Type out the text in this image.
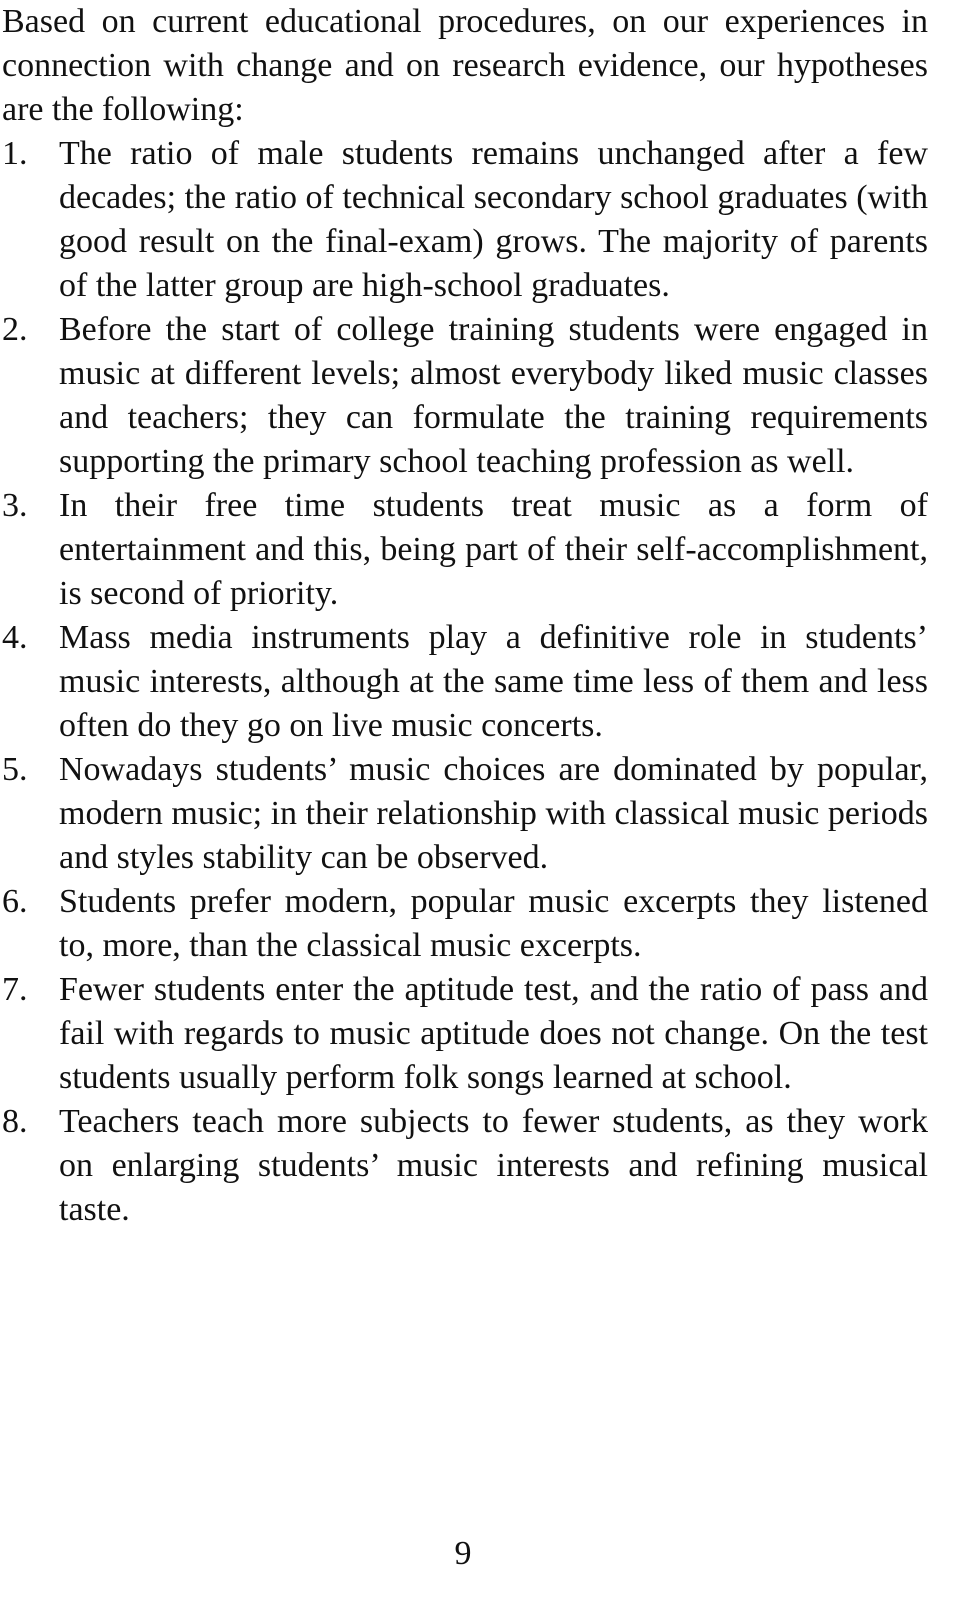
Based on current educational procedures, on our experiences in connection with change and on research evidence, our hypotheses are the following:

1. The ratio of male students remains unchanged after a few decades; the ratio of technical secondary school graduates (with good result on the final-exam) grows. The majority of parents of the latter group are high-school graduates.
2. Before the start of college training students were engaged in music at different levels; almost everybody liked music classes and teachers; they can formulate the training requirements supporting the primary school teaching profession as well.
3. In their free time students treat music as a form of entertainment and this, being part of their self-accomplishment, is second of priority.
4. Mass media instruments play a definitive role in students’ music interests, although at the same time less of them and less often do they go on live music concerts.
5. Nowadays students’ music choices are dominated by popular, modern music; in their relationship with classical music periods and styles stability can be observed.
6. Students prefer modern, popular music excerpts they listened to, more, than the classical music excerpts.
7. Fewer students enter the aptitude test, and the ratio of pass and fail with regards to music aptitude does not change. On the test students usually perform folk songs learned at school.
8. Teachers teach more subjects to fewer students, as they work on enlarging students’ music interests and refining musical taste.
9
